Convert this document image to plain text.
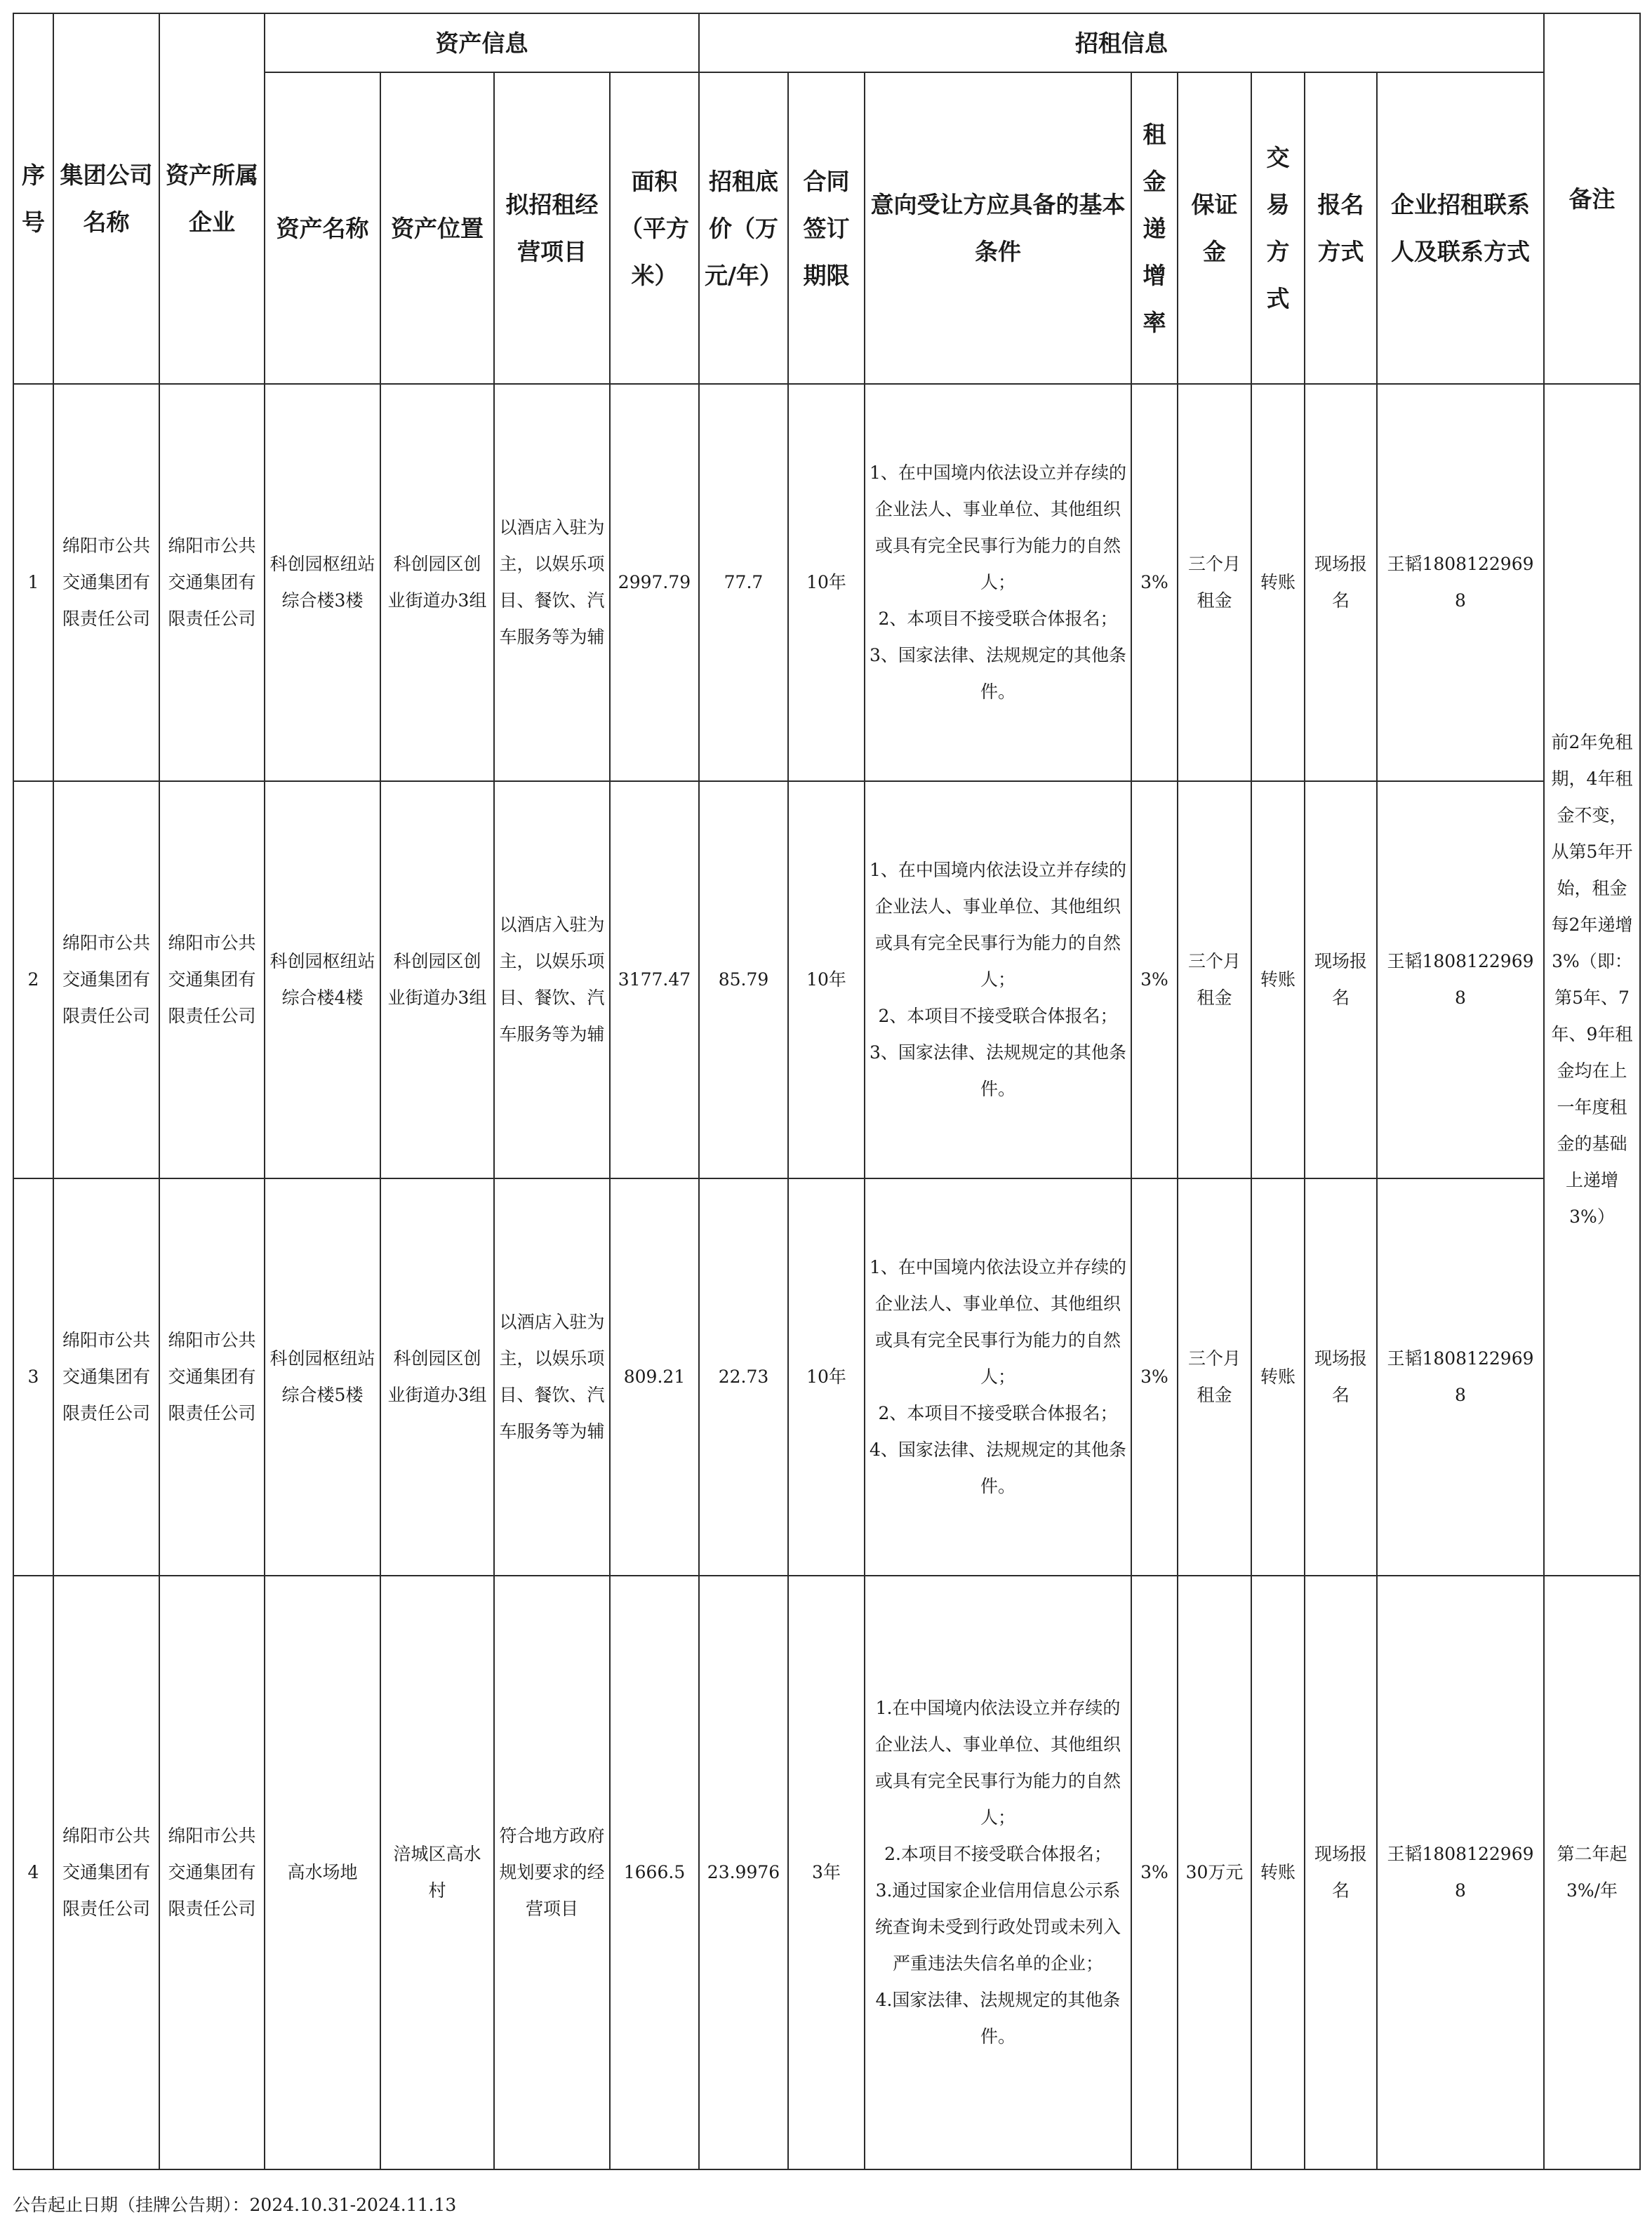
序号	集团公司名称	资产所属企业	资产信息				招租信息								备注
			资产名称	资产位置	拟招租经营项目	面积（平方米）	招租底价（万元/年）	合同签订期限	意向受让方应具备的基本条件	租金递增率	保证金	交易方式	报名方式	企业招租联系人及联系方式	
1	绵阳市公共交通集团有限责任公司	绵阳市公共交通集团有限责任公司	科创园枢纽站综合楼3楼	科创园区创业街道办3组	以酒店入驻为主，以娱乐项目、餐饮、汽车服务等为辅	2997.79	77.7	10年	1、在中国境内依法设立并存续的企业法人、事业单位、其他组织或具有完全民事行为能力的自然人；
2、本项目不接受联合体报名；
3、国家法律、法规规定的其他条件。	3%	三个月租金	转账	现场报名	王韬18081229698	前2年免租期，4年租金不变，从第5年开始，租金每2年递增3%（即：第5年、7年、9年租金均在上一年度租金的基础上递增3%）
2	绵阳市公共交通集团有限责任公司	绵阳市公共交通集团有限责任公司	科创园枢纽站综合楼4楼	科创园区创业街道办3组	以酒店入驻为主，以娱乐项目、餐饮、汽车服务等为辅	3177.47	85.79	10年	1、在中国境内依法设立并存续的企业法人、事业单位、其他组织或具有完全民事行为能力的自然人；
2、本项目不接受联合体报名；
3、国家法律、法规规定的其他条件。	3%	三个月租金	转账	现场报名	王韬18081229698	
3	绵阳市公共交通集团有限责任公司	绵阳市公共交通集团有限责任公司	科创园枢纽站综合楼5楼	科创园区创业街道办3组	以酒店入驻为主，以娱乐项目、餐饮、汽车服务等为辅	809.21	22.73	10年	1、在中国境内依法设立并存续的企业法人、事业单位、其他组织或具有完全民事行为能力的自然人；
2、本项目不接受联合体报名；
4、国家法律、法规规定的其他条件。	3%	三个月租金	转账	现场报名	王韬18081229698	
4	绵阳市公共交通集团有限责任公司	绵阳市公共交通集团有限责任公司	高水场地	涪城区高水村	符合地方政府规划要求的经营项目	1666.5	23.9976	3年	1.在中国境内依法设立并存续的企业法人、事业单位、其他组织或具有完全民事行为能力的自然人；
2.本项目不接受联合体报名；
3.通过国家企业信用信息公示系统查询未受到行政处罚或未列入严重违法失信名单的企业；
4.国家法律、法规规定的其他条件。	3%	30万元	转账	现场报名	王韬18081229698	第二年起3%/年
公告起止日期（挂牌公告期）：2024.10.31-2024.11.13
